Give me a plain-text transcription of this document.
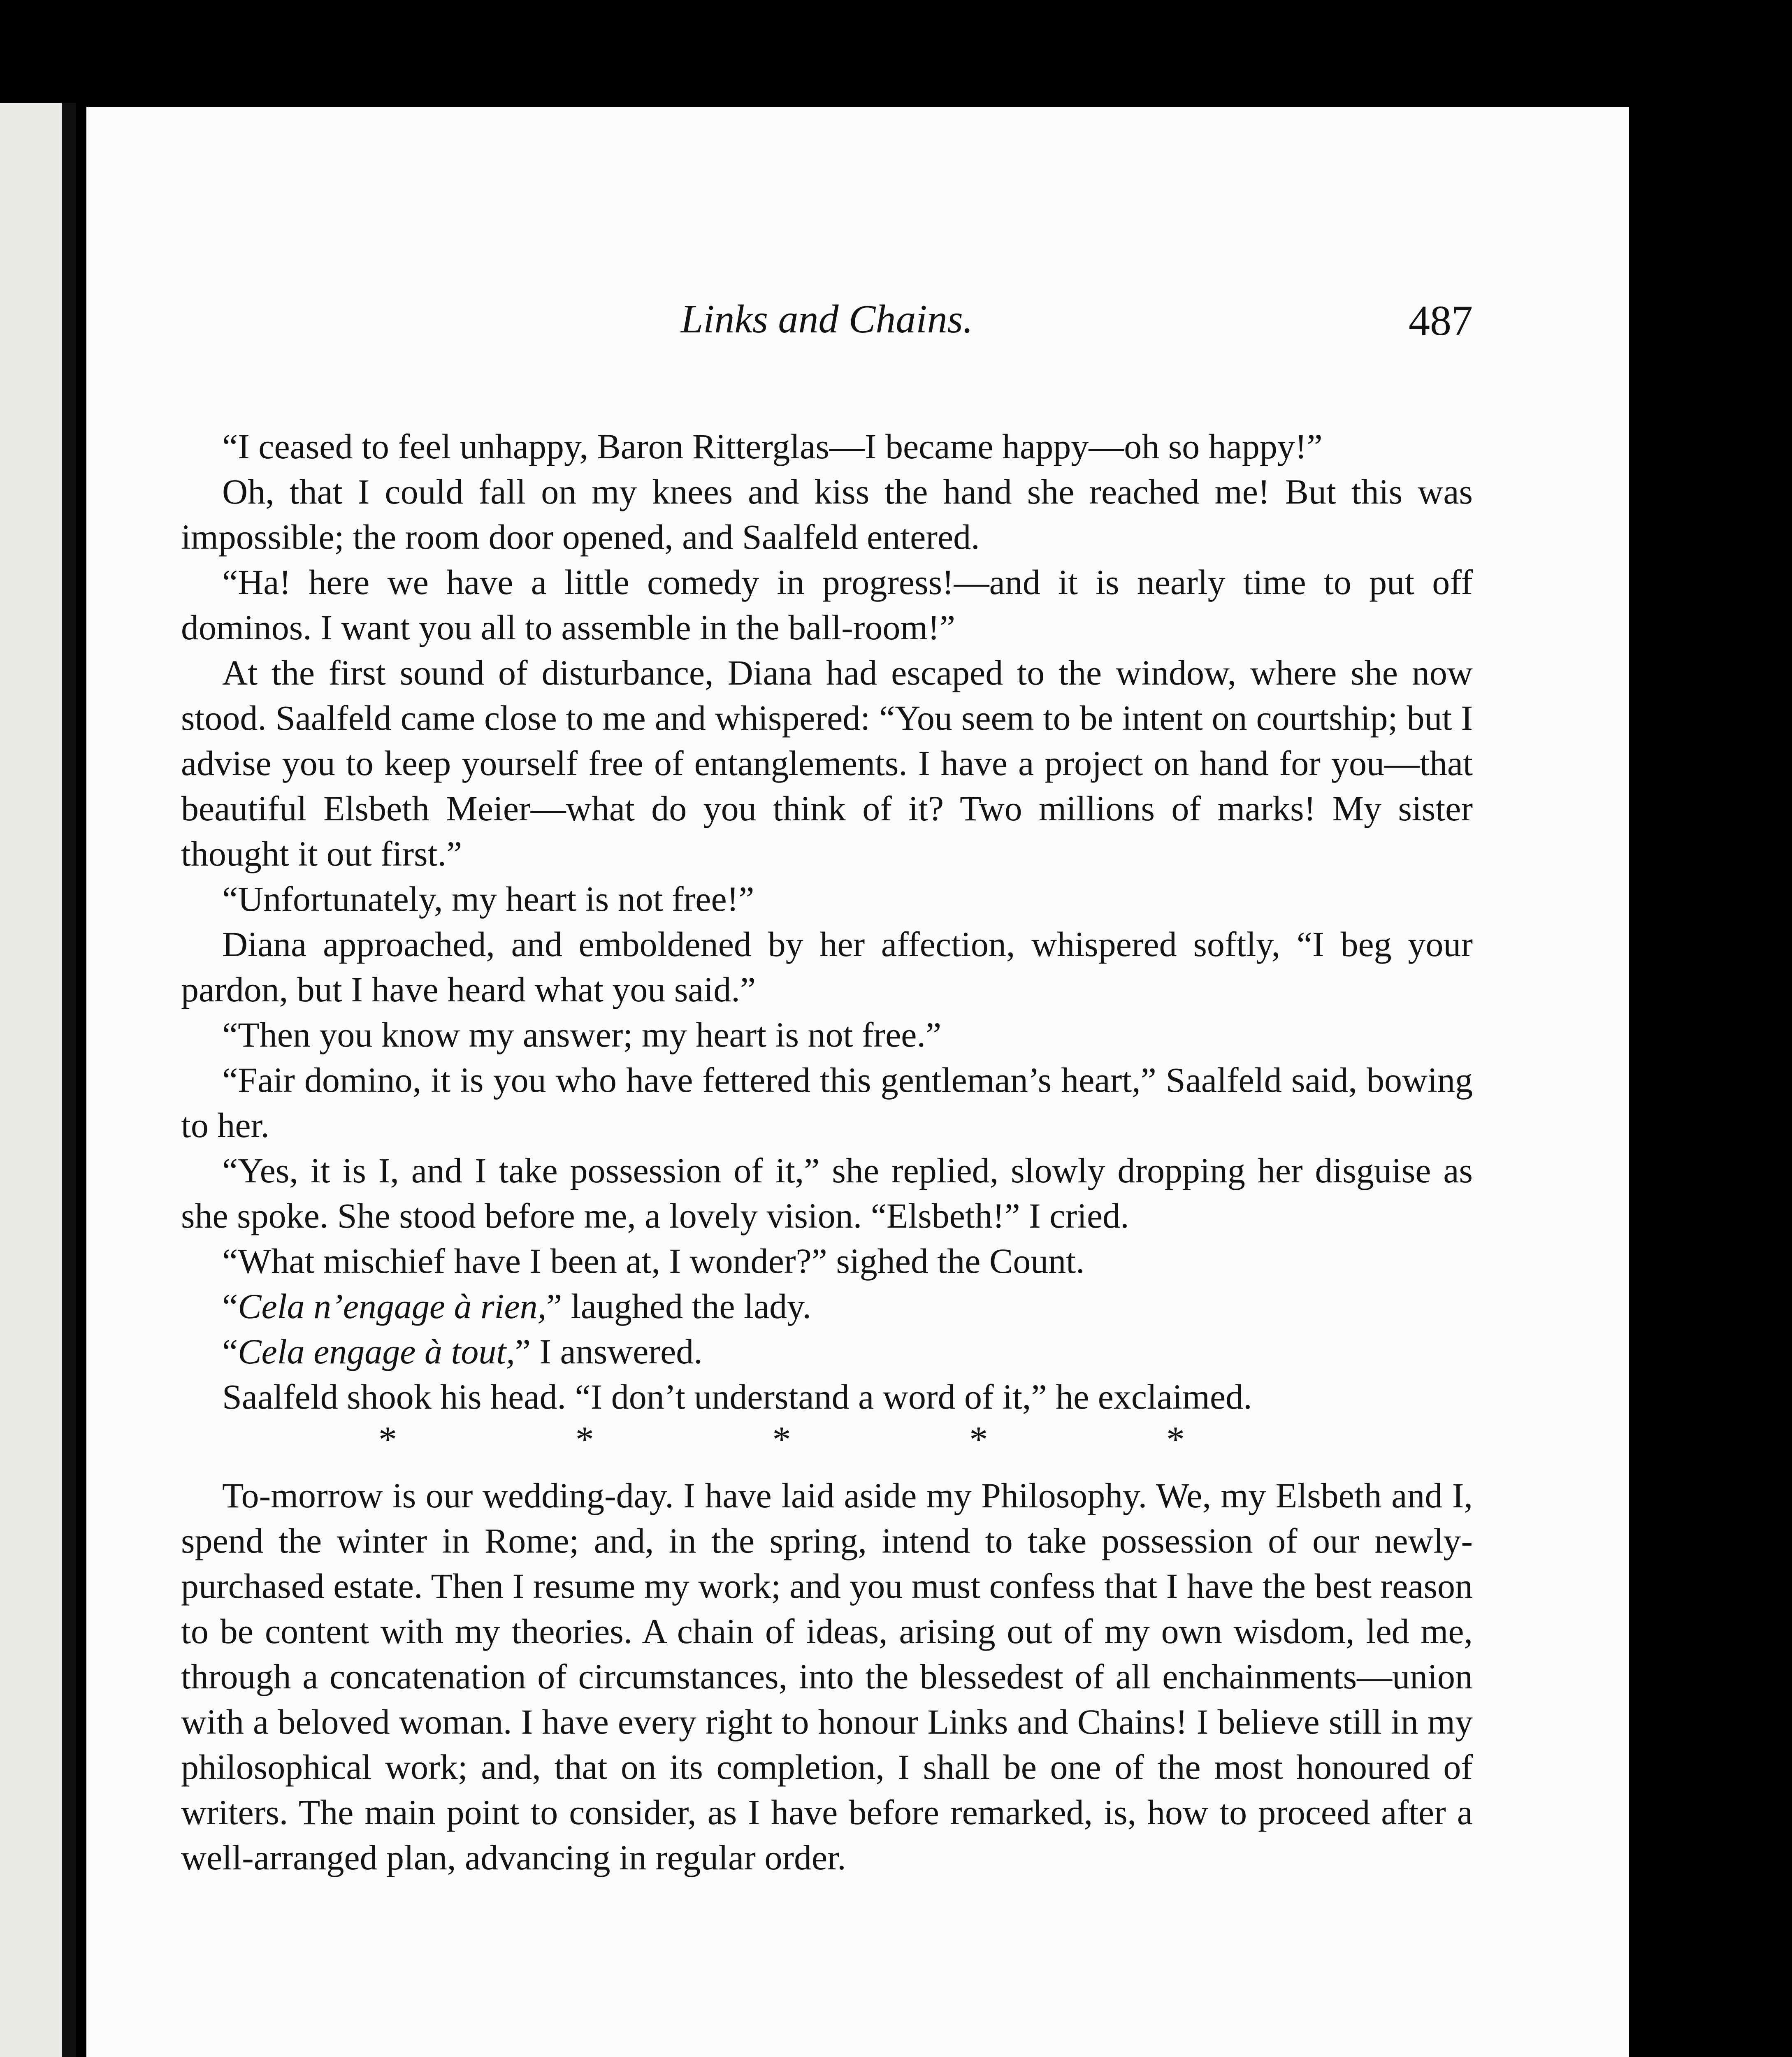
Links and Chains.	487

“I ceased to feel unhappy, Baron Ritterglas—I became happy—oh so happy!”

Oh, that I could fall on my knees and kiss the hand she reached me! But this was impossible; the room door opened, and Saalfeld entered.

“Ha! here we have a little comedy in progress!—and it is nearly time to put off dominos. I want you all to assemble in the ball-room!”

At the first sound of disturbance, Diana had escaped to the window, where she now stood. Saalfeld came close to me and whispered: “You seem to be intent on courtship; but I advise you to keep yourself free of entanglements. I have a project on hand for you—that beautiful Elsbeth Meier—what do you think of it? Two millions of marks! My sister thought it out first.”

“Unfortunately, my heart is not free!”

Diana approached, and emboldened by her affection, whispered softly, “I beg your pardon, but I have heard what you said.”

“Then you know my answer; my heart is not free.”

“Fair domino, it is you who have fettered this gentleman’s heart,” Saalfeld said, bowing to her.

“Yes, it is I, and I take possession of it,” she replied, slowly dropping her disguise as she spoke. She stood before me, a lovely vision. “Elsbeth!” I cried.

“What mischief have I been at, I wonder?” sighed the Count.

“Cela n’engage à rien,” laughed the lady.

“Cela engage à tout,” I answered.

Saalfeld shook his head. “I don’t understand a word of it,” he exclaimed.

*	*	*	*	*

To-morrow is our wedding-day. I have laid aside my Philosophy. We, my Elsbeth and I, spend the winter in Rome; and, in the spring, intend to take possession of our newly-purchased estate. Then I resume my work; and you must confess that I have the best reason to be content with my theories. A chain of ideas, arising out of my own wisdom, led me, through a concatenation of circumstances, into the blessedest of all enchainments—union with a beloved woman. I have every right to honour Links and Chains! I believe still in my philosophical work; and, that on its completion, I shall be one of the most honoured of writers. The main point to consider, as I have before remarked, is, how to proceed after a well-arranged plan, advancing in regular order.
